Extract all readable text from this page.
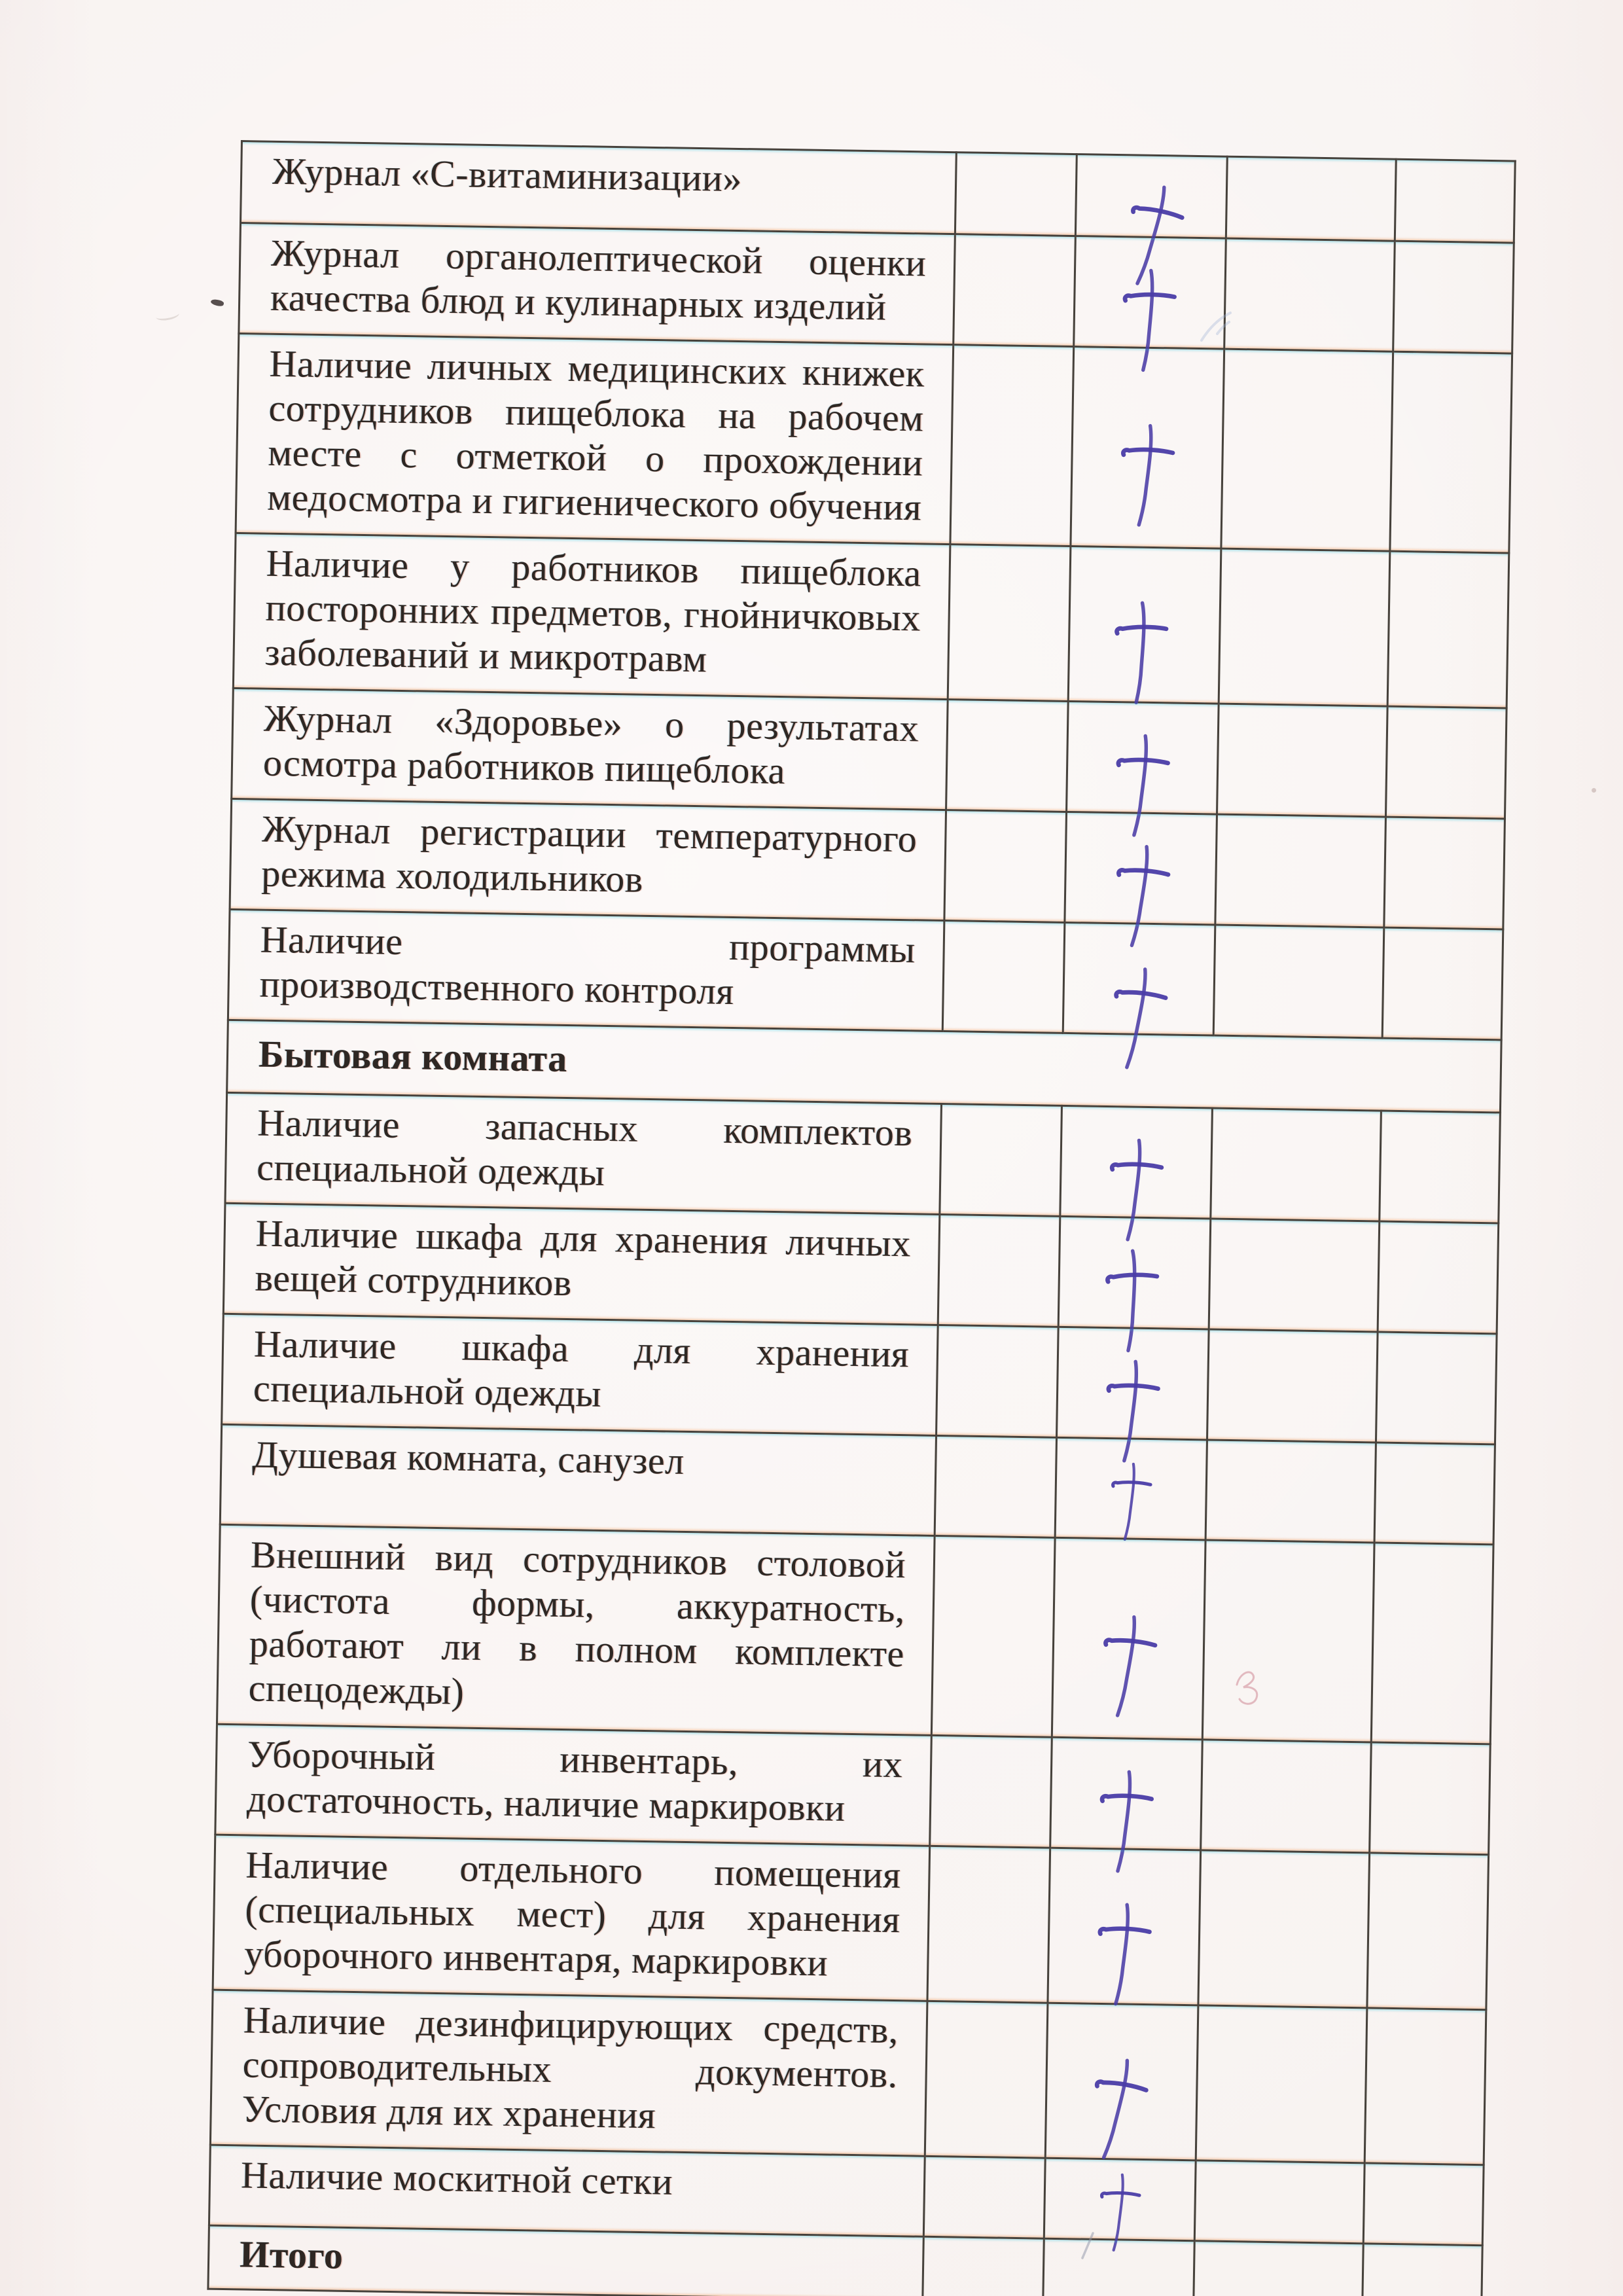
Журнал «С-витаминизации»		

Журнал органолептической оценки качества блюд и кулинарных изделий		

Наличие личных медицинских книжек сотрудников пищеблока на рабочем месте с отметкой о прохождении медосмотра и гигиенического обучения		

Наличие у работников пищеблока посторонних предметов, гнойничковых заболеваний и микротравм		

Журнал «Здоровье» о результатах осмотра работников пищеблока		

Журнал регистрации температурного режима холодильников		

Наличие программы производственного контроля		

Бытовая комната				
Наличие запасных комплектов специальной одежды		

Наличие шкафа для хранения личных вещей сотрудников		

Наличие шкафа для хранения специальной одежды		

Душевая комната, санузел		

Внешний вид сотрудников столовой (чистота формы, аккуратность, работают ли в полном комплекте спецодежды)		

Уборочный инвентарь, их достаточность, наличие маркировки		

Наличие отдельного помещения (специальных мест) для хранения уборочного инвентаря, маркировки		

Наличие дезинфицирующих средств, сопроводительных документов. Условия для их хранения		

Наличие москитной сетки		

Итого				
